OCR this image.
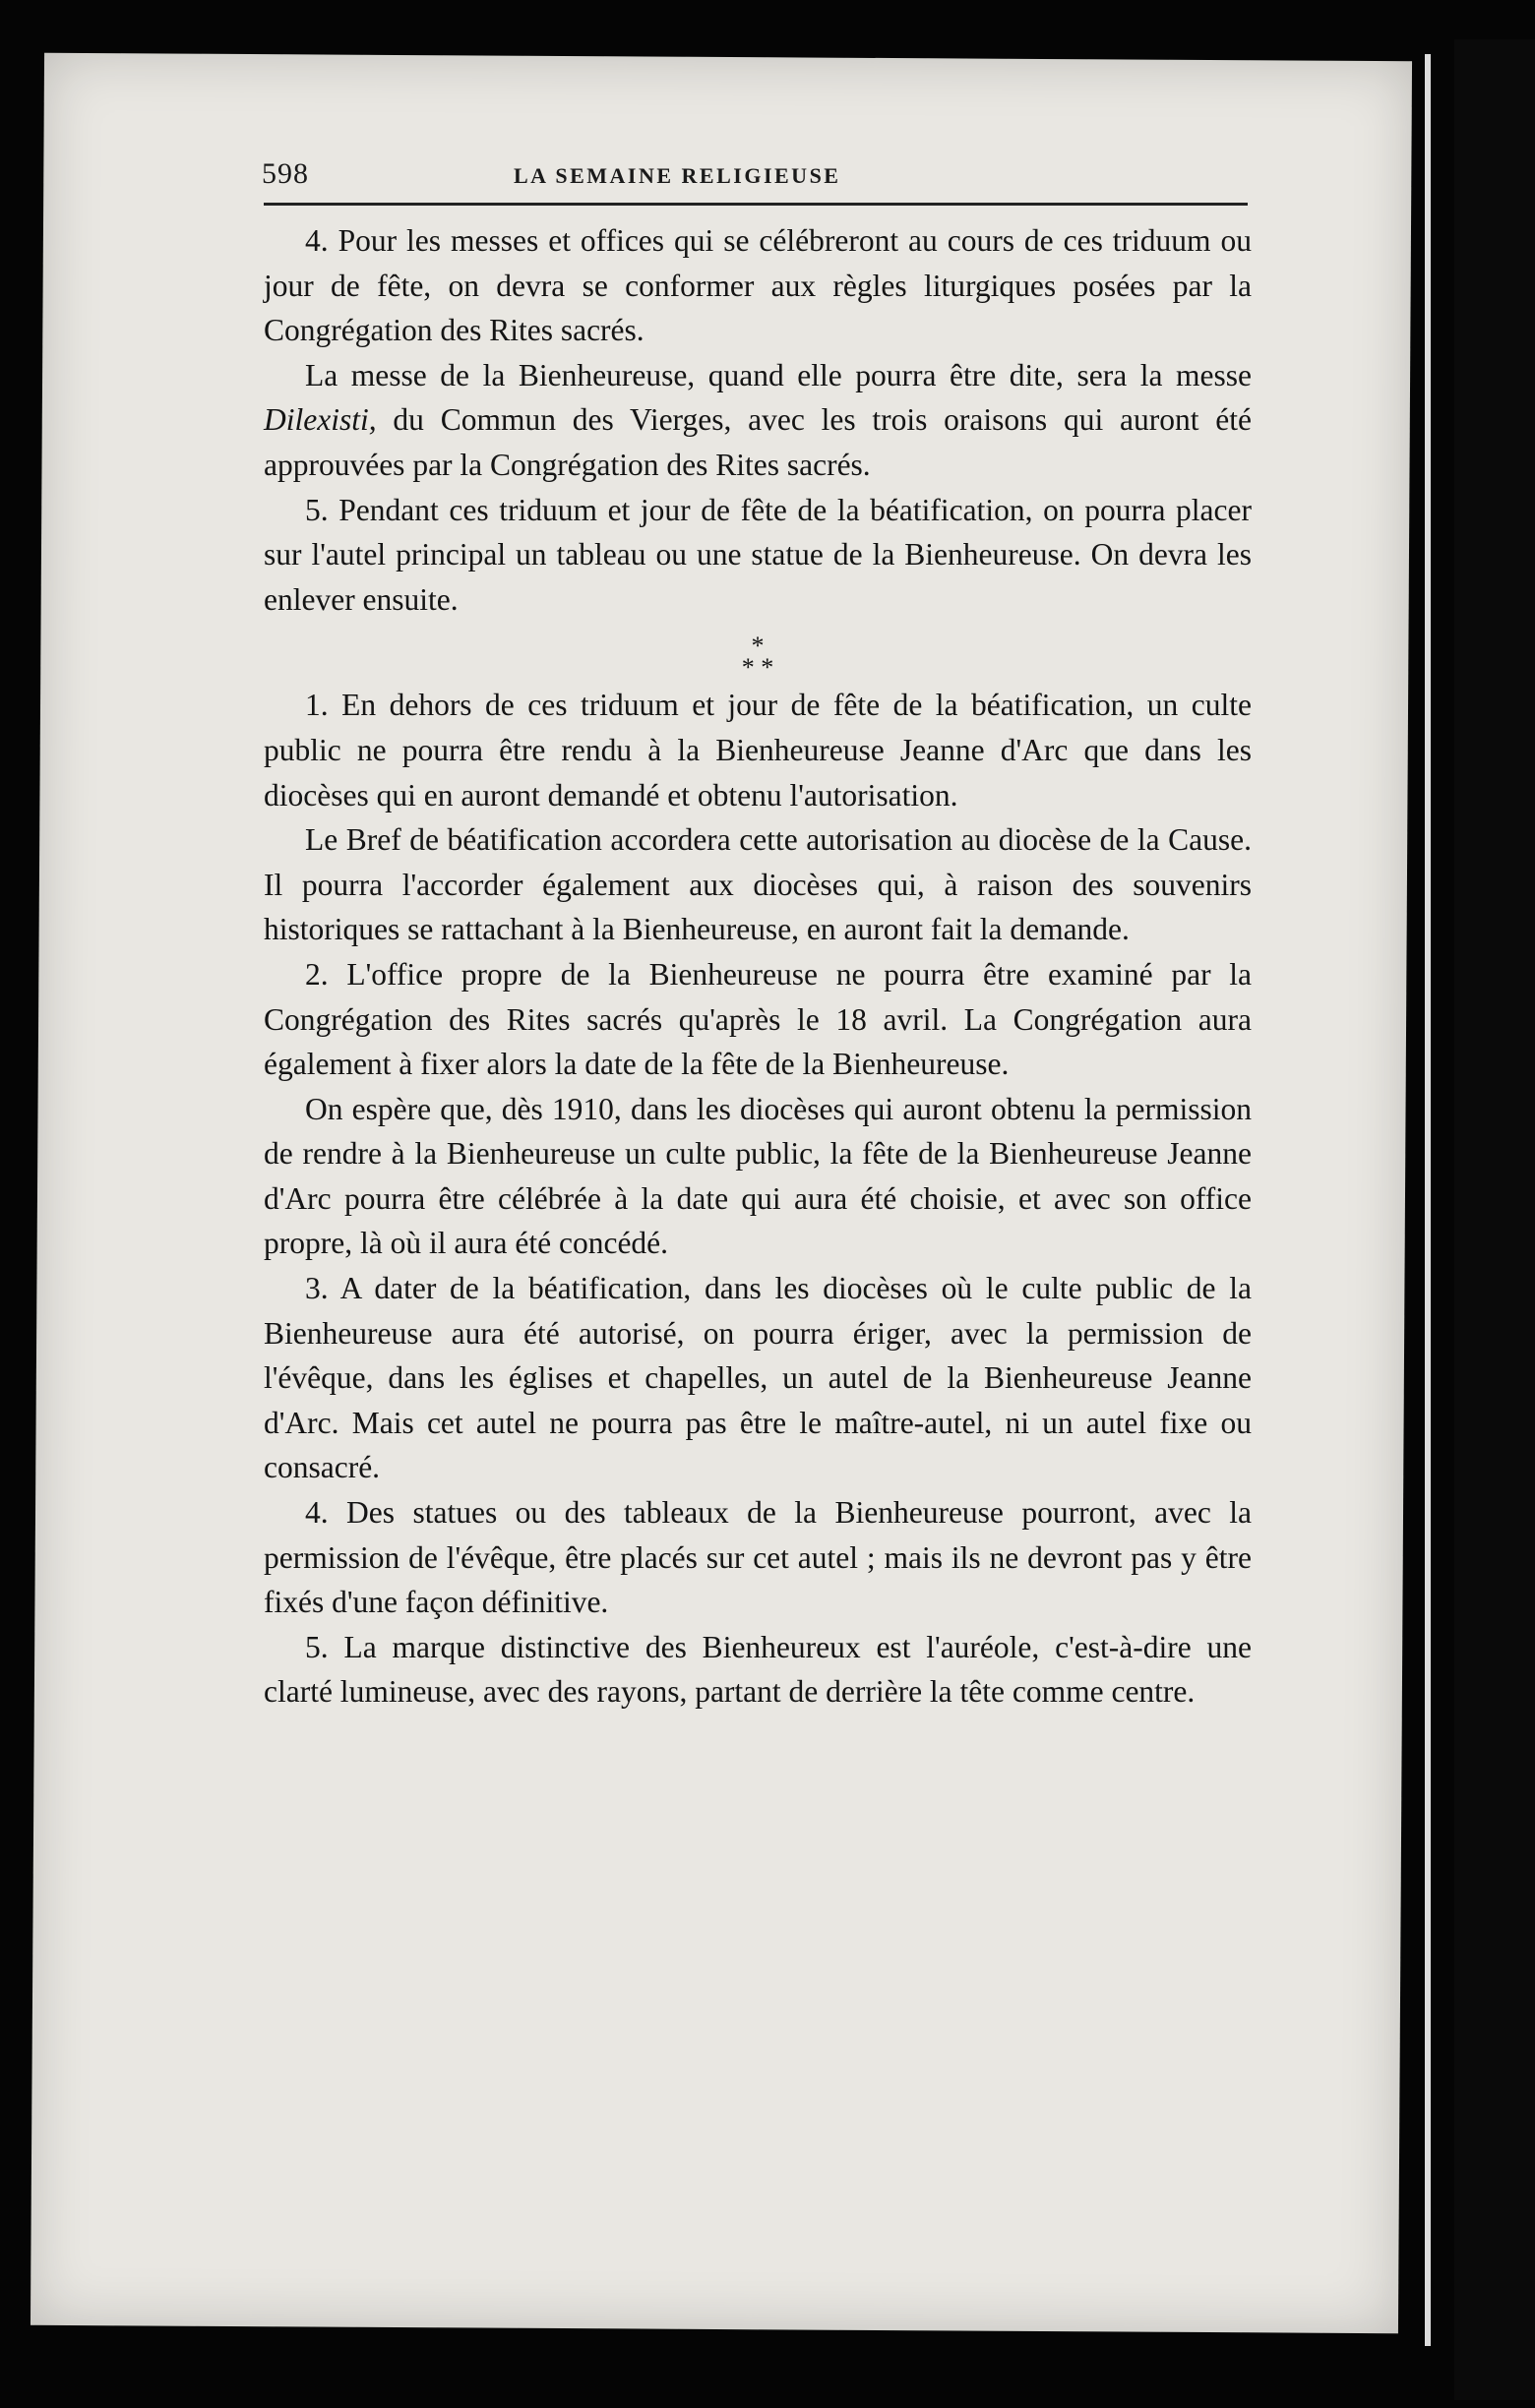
598	LA SEMAINE RELIGIEUSE

4. Pour les messes et offices qui se célébreront au cours de ces triduum ou jour de fête, on devra se conformer aux règles liturgiques posées par la Congrégation des Rites sacrés.

La messe de la Bienheureuse, quand elle pourra être dite, sera la messe Dilexisti, du Commun des Vierges, avec les trois oraisons qui auront été approuvées par la Congrégation des Rites sacrés.

5. Pendant ces triduum et jour de fête de la béatification, on pourra placer sur l'autel principal un tableau ou une statue de la Bienheureuse. On devra les enlever ensuite.

*
* *

1. En dehors de ces triduum et jour de fête de la béatification, un culte public ne pourra être rendu à la Bienheureuse Jeanne d'Arc que dans les diocèses qui en auront demandé et obtenu l'autorisation.

Le Bref de béatification accordera cette autorisation au diocèse de la Cause. Il pourra l'accorder également aux diocèses qui, à raison des souvenirs historiques se rattachant à la Bienheureuse, en auront fait la demande.

2. L'office propre de la Bienheureuse ne pourra être examiné par la Congrégation des Rites sacrés qu'après le 18 avril. La Congrégation aura également à fixer alors la date de la fête de la Bienheureuse.

On espère que, dès 1910, dans les diocèses qui auront obtenu la permission de rendre à la Bienheureuse un culte public, la fête de la Bienheureuse Jeanne d'Arc pourra être célébrée à la date qui aura été choisie, et avec son office propre, là où il aura été concédé.

3. A dater de la béatification, dans les diocèses où le culte public de la Bienheureuse aura été autorisé, on pourra ériger, avec la permission de l'évêque, dans les églises et chapelles, un autel de la Bienheureuse Jeanne d'Arc. Mais cet autel ne pourra pas être le maître-autel, ni un autel fixe ou consacré.

4. Des statues ou des tableaux de la Bienheureuse pourront, avec la permission de l'évêque, être placés sur cet autel ; mais ils ne devront pas y être fixés d'une façon définitive.

5. La marque distinctive des Bienheureux est l'auréole, c'est-à-dire une clarté lumineuse, avec des rayons, partant de derrière la tête comme centre.
